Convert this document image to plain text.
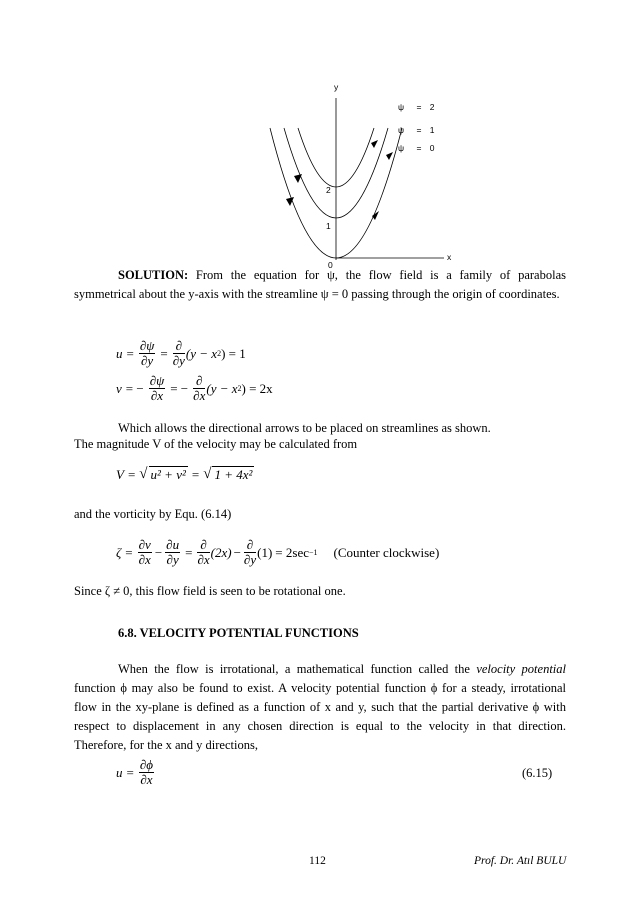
y
x
0
1
2
ψ = 2
ψ = 1
ψ = 0
SOLUTION: From the equation for ψ, the flow field is a family of parabolas symmetrical about the y-axis with the streamline ψ = 0 passing through the origin of coordinates.
$u = \frac{\partial\psi}{\partial y} = \frac{\partial}{\partial y} (y - x$ 2 ) = 1
v = − $\frac{\partial\psi}{\partial x}$ = − $\frac{\partial}{\partial x} (y - x$ 2 ) = 2x
Which allows the directional arrows to be placed on streamlines as shown.
The magnitude V of the velocity may be calculated from
V = √ u² + v² = √ 1 + 4x²
and the vorticity by Equ. (6.14)
$\zeta = \frac{\partial v}{\partial x} - \frac{\partial u}{\partial y} = \frac{\partial}{\partial x} (2x) - \frac{\partial}{\partial y} (1) = 2\sec -1$ (Counter clockwise)
Since ζ ≠ 0, this flow field is seen to be rotational one.
6.8. VELOCITY POTENTIAL FUNCTIONS
When the flow is irrotational, a mathematical function called the velocity potential function ϕ may also be found to exist. A velocity potential function ϕ for a steady, irrotational flow in the xy-plane is defined as a function of x and y, such that the partial derivative ϕ with respect to displacement in any chosen direction is equal to the velocity in that direction. Therefore, for the x and y directions,
$u = \frac{\partial\phi}{\partial x}$	(6.15)
112	Prof. Dr. Atıl BULU
